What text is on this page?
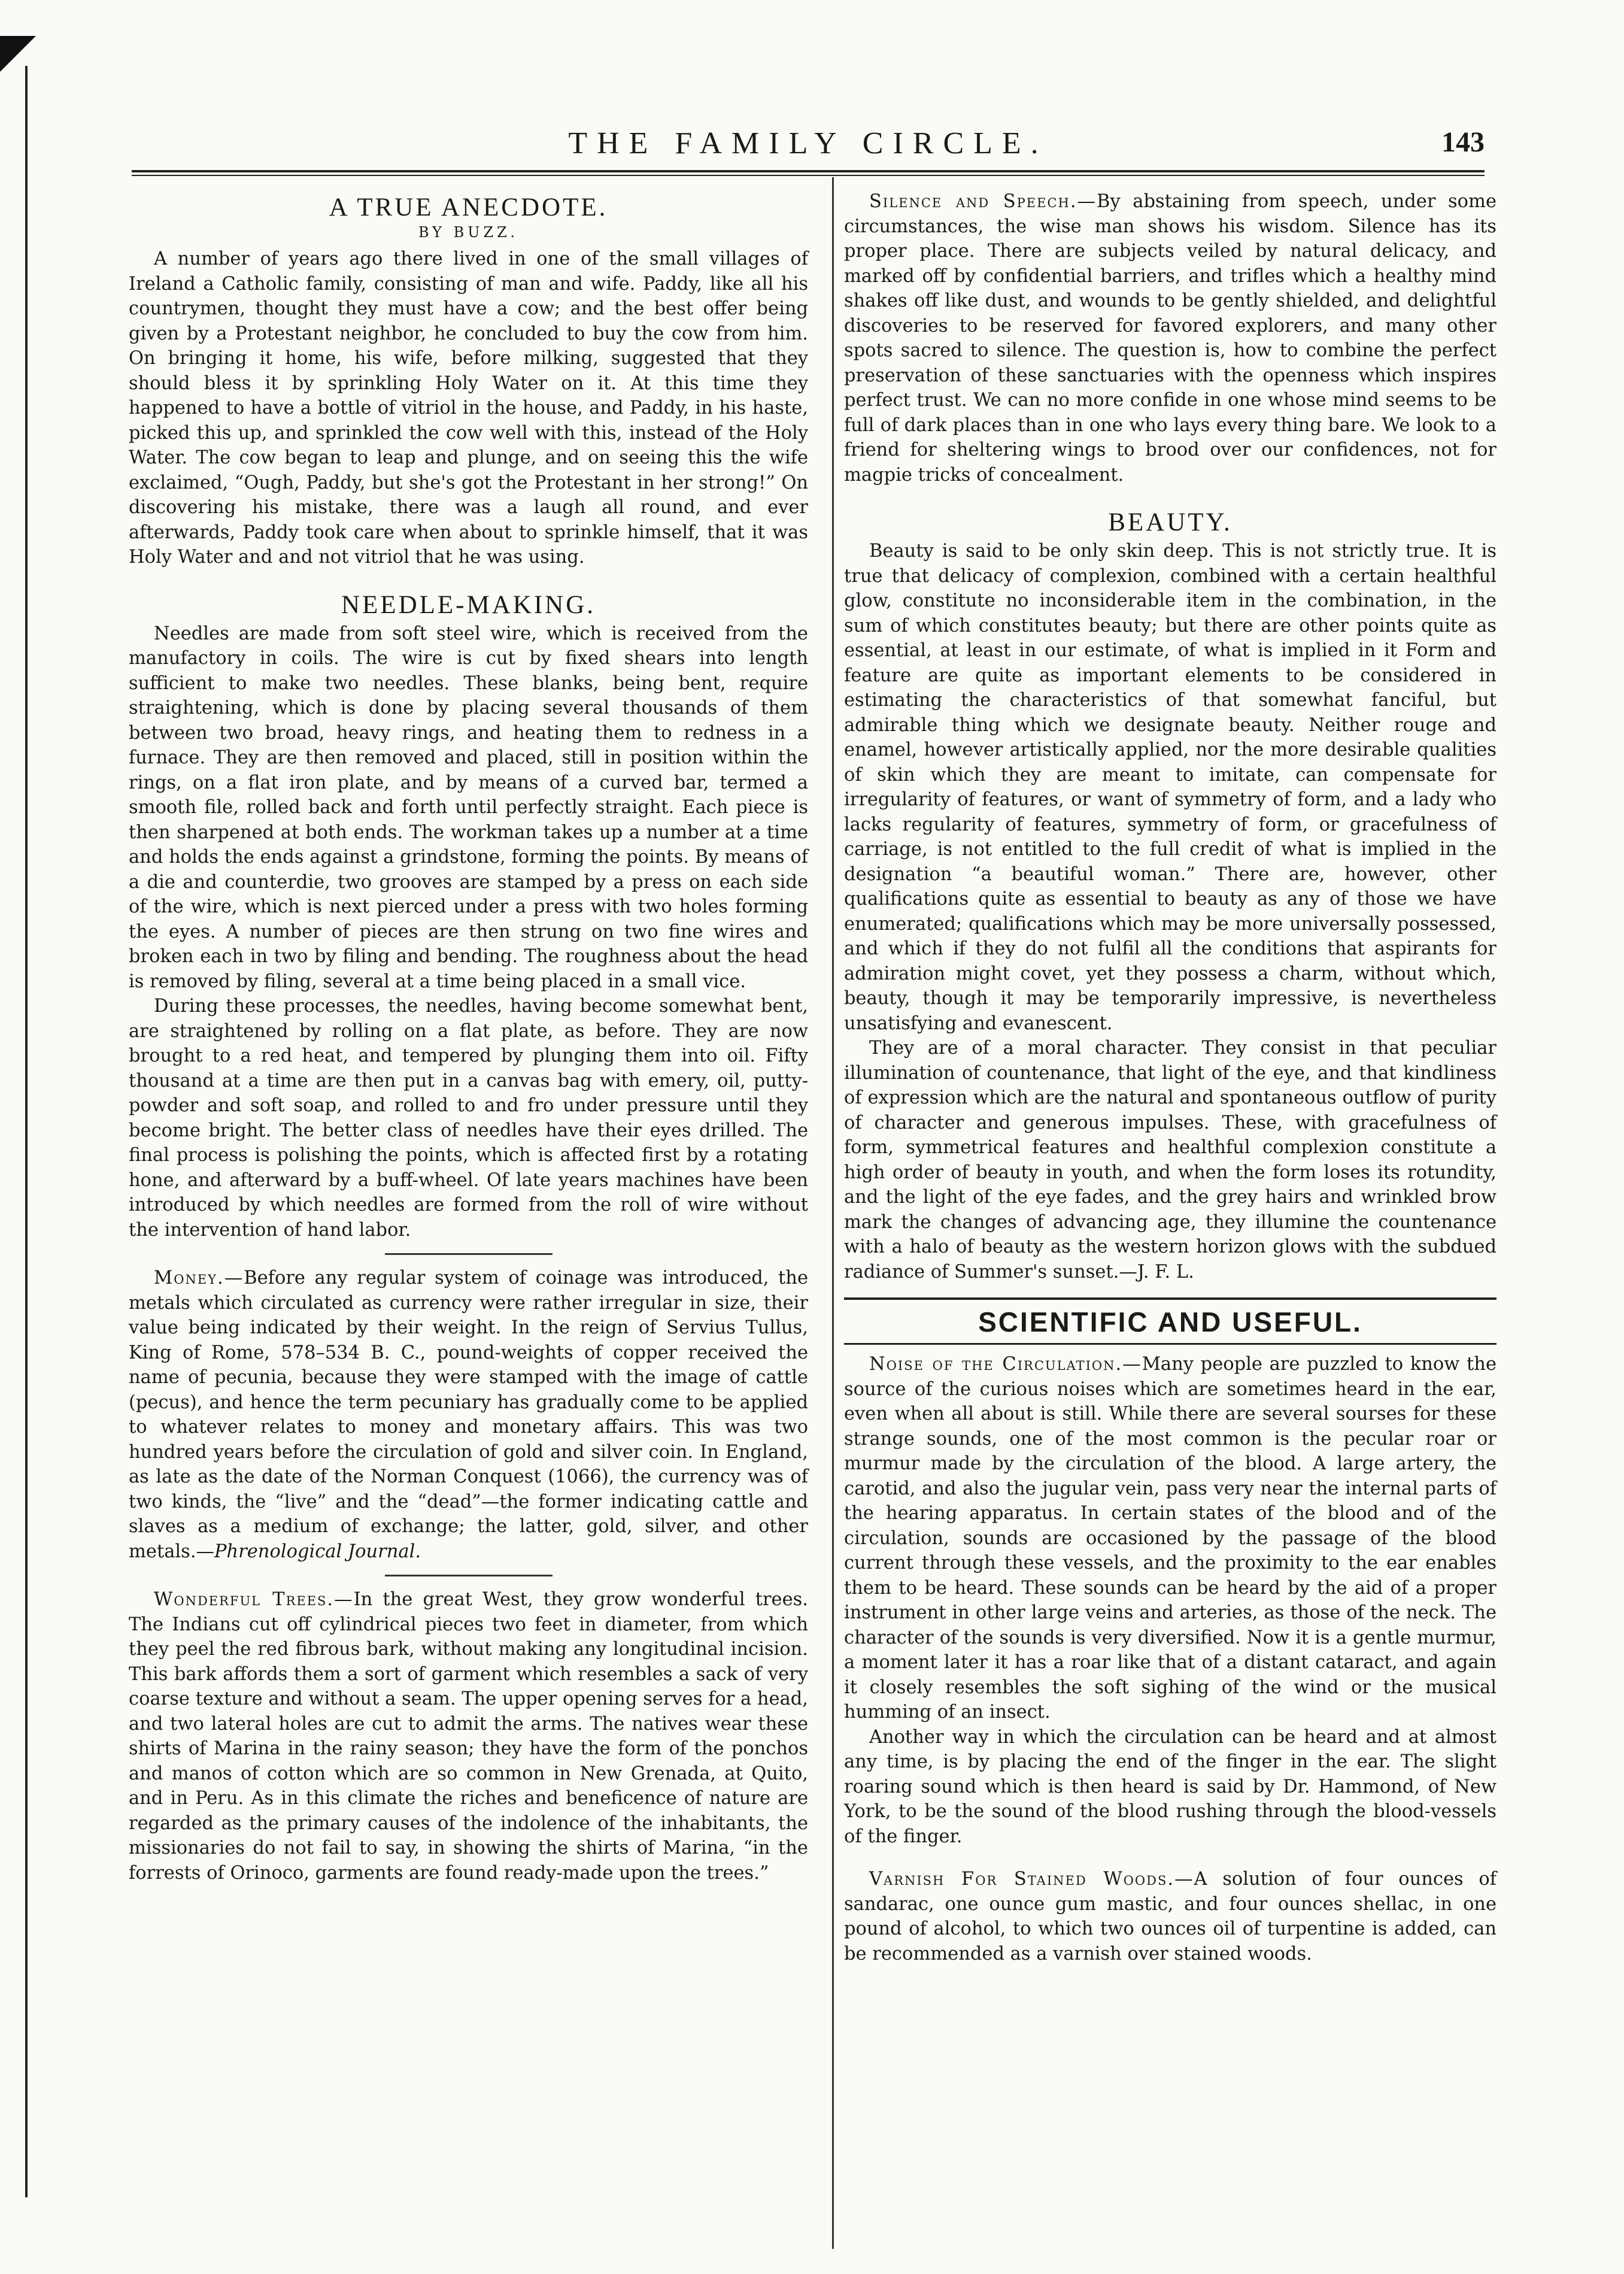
THE FAMILY CIRCLE.	143
A TRUE ANECDOTE.
BY BUZZ.

A number of years ago there lived in one of the small villages of Ireland a Catholic family, consisting of man and wife. Paddy, like all his countrymen, thought they must have a cow; and the best offer being given by a Protestant neighbor, he concluded to buy the cow from him. On bringing it home, his wife, before milking, suggested that they should bless it by sprinkling Holy Water on it. At this time they happened to have a bottle of vitriol in the house, and Paddy, in his haste, picked this up, and sprinkled the cow well with this, instead of the Holy Water. The cow began to leap and plunge, and on seeing this the wife exclaimed, “Ough, Paddy, but she's got the Protestant in her strong!” On discovering his mistake, there was a laugh all round, and ever afterwards, Paddy took care when about to sprinkle himself, that it was Holy Water and and not vitriol that he was using.

NEEDLE-MAKING.

Needles are made from soft steel wire, which is received from the manufactory in coils. The wire is cut by fixed shears into length sufficient to make two needles. These blanks, being bent, require straightening, which is done by placing several thousands of them between two broad, heavy rings, and heating them to redness in a furnace. They are then removed and placed, still in position within the rings, on a flat iron plate, and by means of a curved bar, termed a smooth file, rolled back and forth until perfectly straight. Each piece is then sharpened at both ends. The workman takes up a number at a time and holds the ends against a grindstone, forming the points. By means of a die and counterdie, two grooves are stamped by a press on each side of the wire, which is next pierced under a press with two holes forming the eyes. A number of pieces are then strung on two fine wires and broken each in two by filing and bending. The roughness about the head is removed by filing, several at a time being placed in a small vice.

During these processes, the needles, having become somewhat bent, are straightened by rolling on a flat plate, as before. They are now brought to a red heat, and tempered by plunging them into oil. Fifty thousand at a time are then put in a canvas bag with emery, oil, putty-powder and soft soap, and rolled to and fro under pressure until they become bright. The better class of needles have their eyes drilled. The final process is polishing the points, which is affected first by a rotating hone, and afterward by a buff-wheel. Of late years machines have been introduced by which needles are formed from the roll of wire without the intervention of hand labor.

Money.—Before any regular system of coinage was introduced, the metals which circulated as currency were rather irregular in size, their value being indicated by their weight. In the reign of Servius Tullus, King of Rome, 578–534 B. C., pound-weights of copper received the name of pecunia, because they were stamped with the image of cattle (pecus), and hence the term pecuniary has gradually come to be applied to whatever relates to money and monetary affairs. This was two hundred years before the circulation of gold and silver coin. In England, as late as the date of the Norman Conquest (1066), the currency was of two kinds, the “live” and the “dead”—the former indicating cattle and slaves as a medium of exchange; the latter, gold, silver, and other metals.—Phrenological Journal.

Wonderful Trees.—In the great West, they grow wonderful trees. The Indians cut off cylindrical pieces two feet in diameter, from which they peel the red fibrous bark, without making any longitudinal incision. This bark affords them a sort of garment which resembles a sack of very coarse texture and without a seam. The upper opening serves for a head, and two lateral holes are cut to admit the arms. The natives wear these shirts of Marina in the rainy season; they have the form of the ponchos and manos of cotton which are so common in New Grenada, at Quito, and in Peru. As in this climate the riches and beneficence of nature are regarded as the primary causes of the indolence of the inhabitants, the missionaries do not fail to say, in showing the shirts of Marina, “in the forrests of Orinoco, garments are found ready-made upon the trees.”

Silence and Speech.—By abstaining from speech, under some circumstances, the wise man shows his wisdom. Silence has its proper place. There are subjects veiled by natural delicacy, and marked off by confidential barriers, and trifles which a healthy mind shakes off like dust, and wounds to be gently shielded, and delightful discoveries to be reserved for favored explorers, and many other spots sacred to silence. The question is, how to combine the perfect preservation of these sanctuaries with the openness which inspires perfect trust. We can no more confide in one whose mind seems to be full of dark places than in one who lays every thing bare. We look to a friend for sheltering wings to brood over our confidences, not for magpie tricks of concealment.

BEAUTY.

Beauty is said to be only skin deep. This is not strictly true. It is true that delicacy of complexion, combined with a certain healthful glow, constitute no inconsiderable item in the combination, in the sum of which constitutes beauty; but there are other points quite as essential, at least in our estimate, of what is implied in it Form and feature are quite as important elements to be considered in estimating the characteristics of that somewhat fanciful, but admirable thing which we designate beauty. Neither rouge and enamel, however artistically applied, nor the more desirable qualities of skin which they are meant to imitate, can compensate for irregularity of features, or want of symmetry of form, and a lady who lacks regularity of features, symmetry of form, or gracefulness of carriage, is not entitled to the full credit of what is implied in the designation “a beautiful woman.” There are, however, other qualifications quite as essential to beauty as any of those we have enumerated; qualifications which may be more universally possessed, and which if they do not fulfil all the conditions that aspirants for admiration might covet, yet they possess a charm, without which, beauty, though it may be temporarily impressive, is nevertheless unsatisfying and evanescent.

They are of a moral character. They consist in that peculiar illumination of countenance, that light of the eye, and that kindliness of expression which are the natural and spontaneous outflow of purity of character and generous impulses. These, with gracefulness of form, symmetrical features and healthful complexion constitute a high order of beauty in youth, and when the form loses its rotundity, and the light of the eye fades, and the grey hairs and wrinkled brow mark the changes of advancing age, they illumine the countenance with a halo of beauty as the western horizon glows with the subdued radiance of Summer's sunset.—J. F. L.

SCIENTIFIC AND USEFUL.

Noise of the Circulation.—Many people are puzzled to know the source of the curious noises which are sometimes heard in the ear, even when all about is still. While there are several sourses for these strange sounds, one of the most common is the pecular roar or murmur made by the circulation of the blood. A large artery, the carotid, and also the jugular vein, pass very near the internal parts of the hearing apparatus. In certain states of the blood and of the circulation, sounds are occasioned by the passage of the blood current through these vessels, and the proximity to the ear enables them to be heard. These sounds can be heard by the aid of a proper instrument in other large veins and arteries, as those of the neck. The character of the sounds is very diversified. Now it is a gentle murmur, a moment later it has a roar like that of a distant cataract, and again it closely resembles the soft sighing of the wind or the musical humming of an insect.

Another way in which the circulation can be heard and at almost any time, is by placing the end of the finger in the ear. The slight roaring sound which is then heard is said by Dr. Hammond, of New York, to be the sound of the blood rushing through the blood-vessels of the finger.

Varnish For Stained Woods.—A solution of four ounces of sandarac, one ounce gum mastic, and four ounces shellac, in one pound of alcohol, to which two ounces oil of turpentine is added, can be recommended as a varnish over stained woods.
